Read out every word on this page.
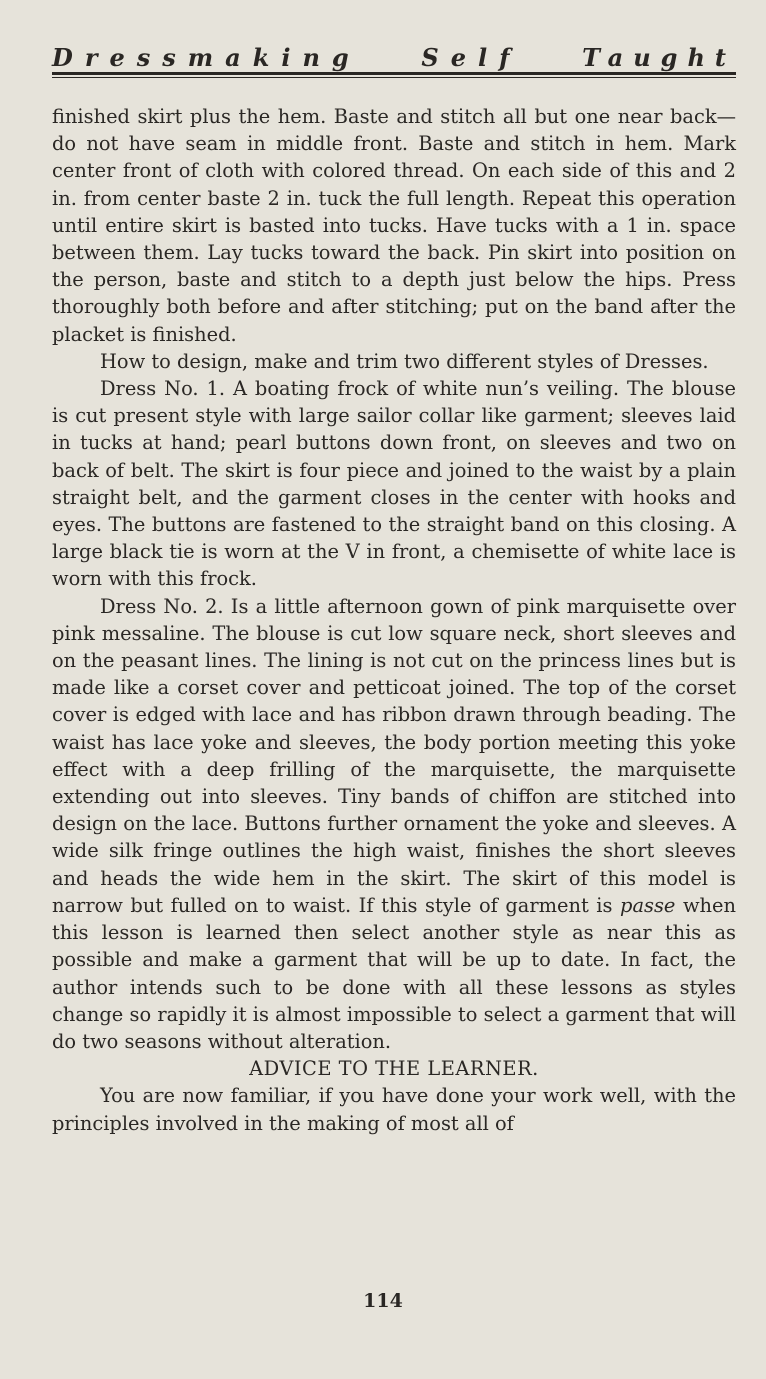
Dressmaking	Self	Taught

finished skirt plus the hem. Baste and stitch all but one near back—do not have seam in middle front. Baste and stitch in hem. Mark center front of cloth with colored thread. On each side of this and 2 in. from center baste 2 in. tuck the full length. Repeat this operation until entire skirt is basted into tucks. Have tucks with a 1 in. space between them. Lay tucks toward the back. Pin skirt into position on the person, baste and stitch to a depth just below the hips. Press thoroughly both before and after stitching; put on the band after the placket is finished.

How to design, make and trim two different styles of Dresses.

Dress No. 1. A boating frock of white nun’s veiling. The blouse is cut present style with large sailor collar like garment; sleeves laid in tucks at hand; pearl buttons down front, on sleeves and two on back of belt. The skirt is four piece and joined to the waist by a plain straight belt, and the garment closes in the center with hooks and eyes. The buttons are fastened to the straight band on this closing. A large black tie is worn at the V in front, a chemisette of white lace is worn with this frock.

Dress No. 2. Is a little afternoon gown of pink marquisette over pink messaline. The blouse is cut low square neck, short sleeves and on the peasant lines. The lining is not cut on the princess lines but is made like a corset cover and petticoat joined. The top of the corset cover is edged with lace and has ribbon drawn through beading. The waist has lace yoke and sleeves, the body portion meeting this yoke effect with a deep frilling of the marquisette, the marquisette extending out into sleeves. Tiny bands of chiffon are stitched into design on the lace. Buttons further ornament the yoke and sleeves. A wide silk fringe outlines the high waist, finishes the short sleeves and heads the wide hem in the skirt. The skirt of this model is narrow but fulled on to waist. If this style of garment is passe when this lesson is learned then select another style as near this as possible and make a garment that will be up to date. In fact, the author intends such to be done with all these lessons as styles change so rapidly it is almost impossible to select a garment that will do two seasons without alteration.

ADVICE TO THE LEARNER.

You are now familiar, if you have done your work well, with the principles involved in the making of most all of

114
